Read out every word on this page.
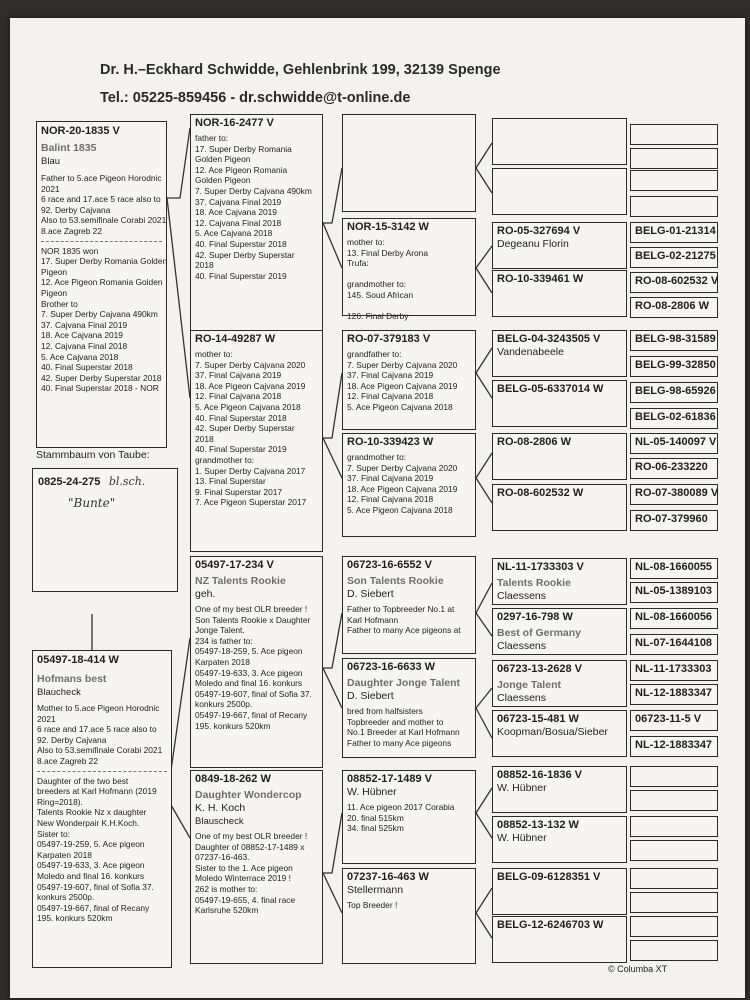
Dr. H.–Eckhard Schwidde, Gehlenbrink 199, 32139 Spenge
Tel.: 05225-859456 - dr.schwidde@t-online.de
NOR-20-1835 V
Balint 1835
Blau
Father to 5.ace Pigeon Horodnic
2021
6 race and 17.ace 5 race also to
92. Derby Cajvana
Also to 53.semifinale Corabi 2021
8.ace Zagreb 22
NOR 1835 won
17. Super Derby Romania Golden
Pigeon
12. Ace Pigeon Romania Golden
Pigeon
Brother to
7. Super Derby Cajvana 490km
37. Cajvana Final 2019
18. Ace Cajvana 2019
12. Cajvana Final 2018
5. Ace Cajvana 2018
40. Final Superstar 2018
42. Super Derby Superstar 2018
40. Final Superstar 2018 - NOR
Stammbaum von Taube:
0825-24-275 bl.sch.
"Bunte"
05497-18-414 W
Hofmans best
Blaucheck
Mother to 5.ace Pigeon Horodnic
2021
6 race and 17.ace 5 race also to
92. Derby Cajvana
Also to 53.semifinale Corabi 2021
8.ace Zagreb 22
Daughter of the two best
breeders at Karl Hofmann (2019
Ring=2018).
Talents Rookie Nz x daughter
New Wonderpair K.H.Koch.
Sister to:
05497-19-259, 5. Ace pigeon
Karpaten 2018
05497-19-633, 3. Ace pigeon
Moledo and final 16. konkurs
05497-19-607, final of Sofia 37.
konkurs 2500p.
05497-19-667, final of Recany
195. konkurs 520km
NOR-16-2477 V
father to:
17. Super Derby Romania
Golden Pigeon
12. Ace Pigeon Romania
Golden Pigeon
7. Super Derby Cajvana 490km
37. Cajvana Final 2019
18. Ace Cajvana 2019
12. Cajvana Final 2018
5. Ace Cajvana 2018
40. Final Superstar 2018
42. Super Derby Superstar
2018
40. Final Superstar 2019
RO-14-49287 W
mother to:
7. Super Derby Cajvana 2020
37. Final Cajvana 2019
18. Ace Pigeon Cajvana 2019
12. Final Cajvana 2018
5. Ace Pigeon Cajvana 2018
40. Final Superstar 2018
42. Super Derby Superstar
2018
40. Final Superstar 2019
grandmother to:
1. Super Derby Cajvana 2017
13. Final Superstar
9. Final Superstar 2017
7. Ace Pigeon Superstar 2017
05497-17-234 V
NZ Talents Rookie
geh.
One of my best OLR breeder !
Son Talents Rookie x Daughter
Jonge Talent.
234 is father to:
05497-18-259, 5. Ace pigeon
Karpaten 2018
05497-19-633, 3. Ace pigeon
Moledo and final 16. konkurs
05497-19-607, final of Sofia 37.
konkurs 2500p.
05497-19-667, final of Recany
195. konkurs 520km
0849-18-262 W
Daughter Wondercop
K. H. Koch
Blauscheck
One of my best OLR breeder !
Daughter of 08852-17-1489 x
07237-16-463.
Sister to the 1. Ace pigeon
Moledo Winterrace 2019 !
262 is mother to:
05497-19-655, 4. final race
Karlsruhe 520km
NOR-15-3142 W
mother to:
13. Final Derby Arona
Trufa:

grandmother to:
145. Soud African

126. Final Derby
RO-07-379183 V
grandfather to:
7. Super Derby Cajvana 2020
37. Final Cajvana 2019
18. Ace Pigeon Cajvana 2019
12. Final Cajvana 2018
5. Ace Pigeon Cajvana 2018
RO-10-339423 W
grandmother to:
7. Super Derby Cajvana 2020
37. Final Cajvana 2019
18. Ace Pigeon Cajvana 2019
12. Final Cajvana 2018
5. Ace Pigeon Cajvana 2018
06723-16-6552 V
Son Talents Rookie
D. Siebert
Father to Topbreeder No.1 at
Karl Hofmann
Father to many Ace pigeons at
06723-16-6633 W
Daughter Jonge Talent
D. Siebert
bred from halfsisters
Topbreeder and mother to
No.1 Breeder at Karl Hofmann
Father to many Ace pigeons
08852-17-1489 V
W. Hübner
11. Ace pigeon 2017 Corabia
20. final 515km
34. final 525km
07237-16-463 W
Stellermann
Top Breeder !
RO-05-327694 V
Degeanu Florin
RO-10-339461 W
BELG-04-3243505 V
Vandenabeele
BELG-05-6337014 W
RO-08-2806 W
RO-08-602532 W
NL-11-1733303 V
Talents Rookie
Claessens
0297-16-798 W
Best of Germany
Claessens
06723-13-2628 V
Jonge Talent
Claessens
06723-15-481 W
Koopman/Bosua/Sieber
08852-16-1836 V
W. Hübner
08852-13-132 W
W. Hübner
BELG-09-6128351 V
BELG-12-6246703 W
BELG-01-21314
BELG-02-21275
RO-08-602532 V
RO-08-2806 W
BELG-98-31589
BELG-99-32850
BELG-98-65926
BELG-02-61836
NL-05-140097 V
RO-06-233220
RO-07-380089 V
RO-07-379960
NL-08-1660055
NL-05-1389103
NL-08-1660056
NL-07-1644108
NL-11-1733303
NL-12-1883347
06723-11-5 V
NL-12-1883347
© Columba XT
